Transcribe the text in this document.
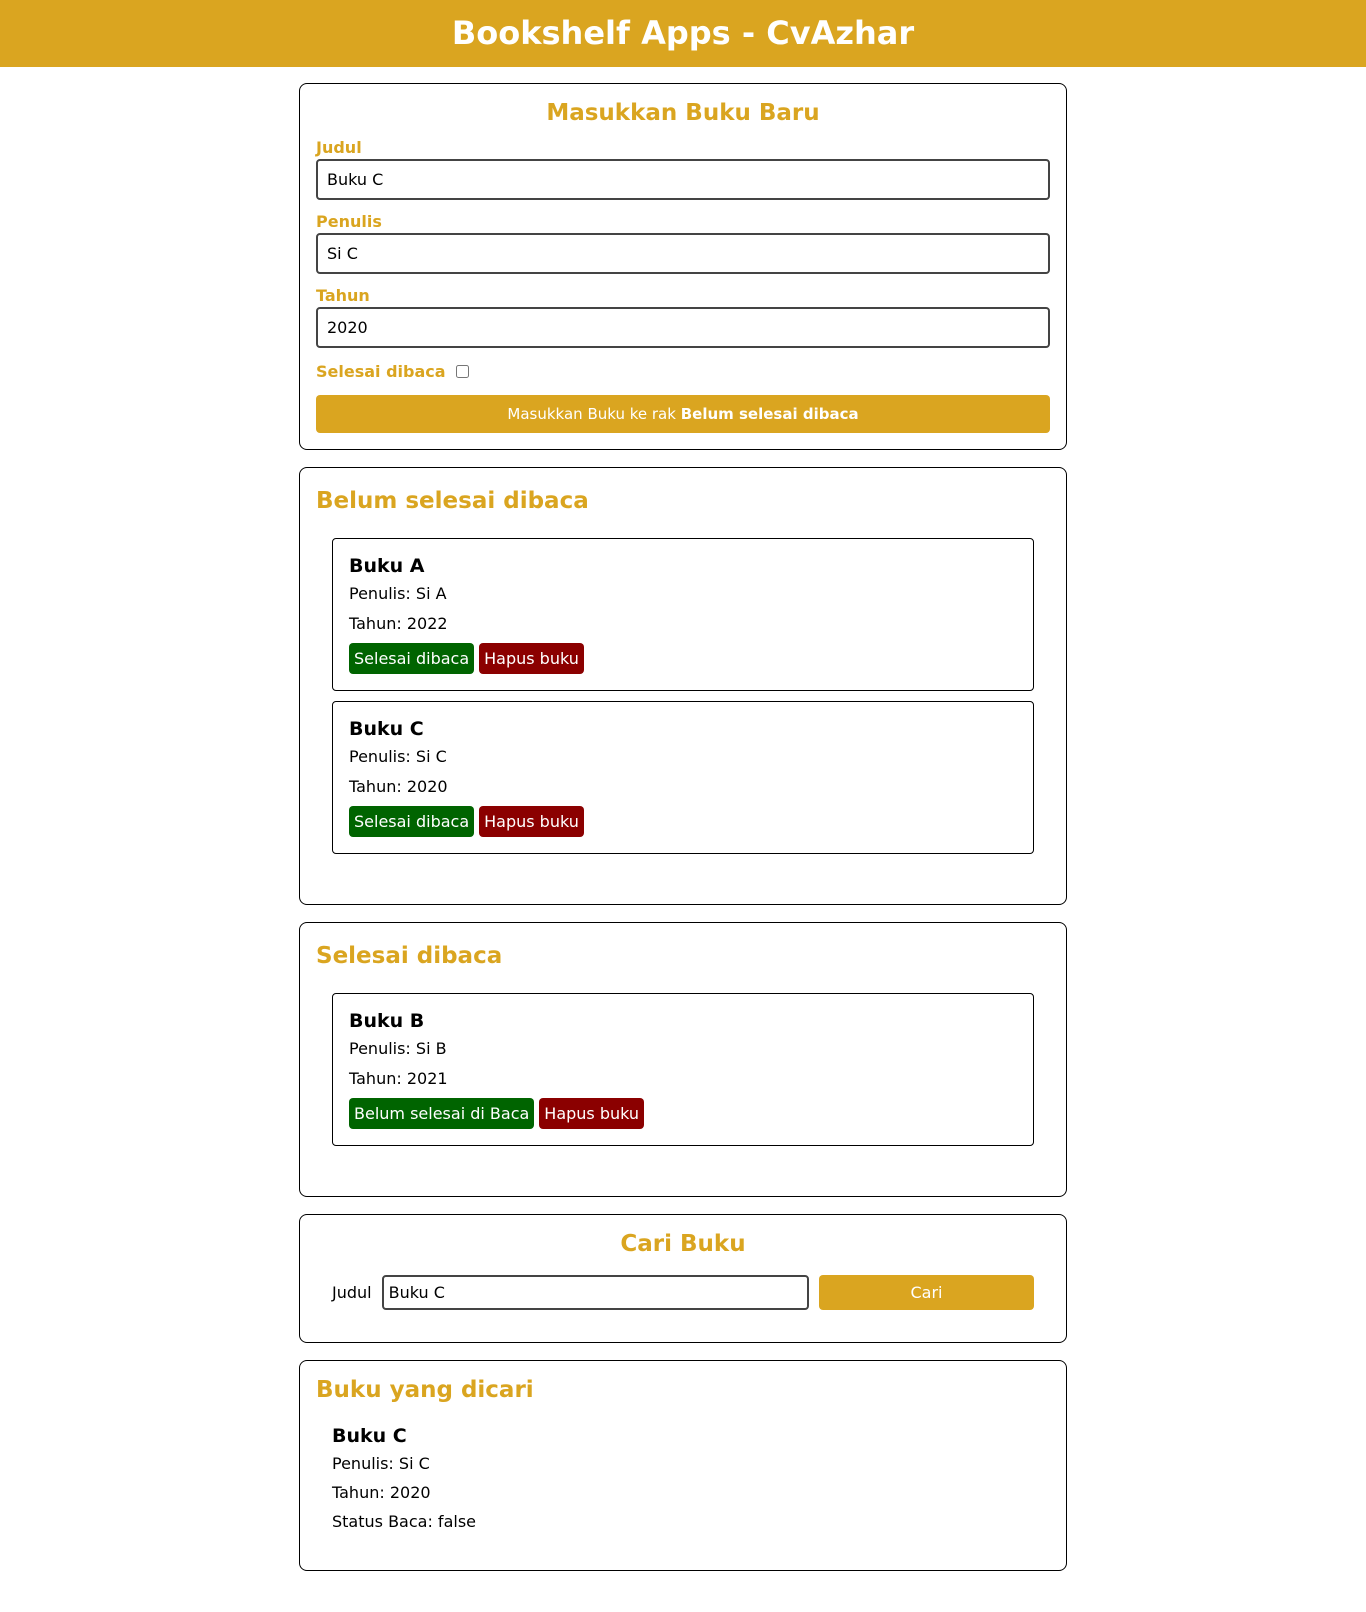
Bookshelf Apps - CvAzhar
Masukkan Buku Baru
Judul
Buku C
Penulis
Si C
Tahun
2020
Selesai dibaca
Masukkan Buku ke rak Belum selesai dibaca
Belum selesai dibaca
Buku A

Penulis: Si A

Tahun: 2022

Selesai dibaca Hapus buku
Buku C

Penulis: Si C

Tahun: 2020

Selesai dibaca Hapus buku
Selesai dibaca
Buku B

Penulis: Si B

Tahun: 2021

Belum selesai di Baca Hapus buku
Cari Buku
Judul
Buku C	Cari
Buku yang dicari
Buku C

Penulis: Si C

Tahun: 2020

Status Baca: false
